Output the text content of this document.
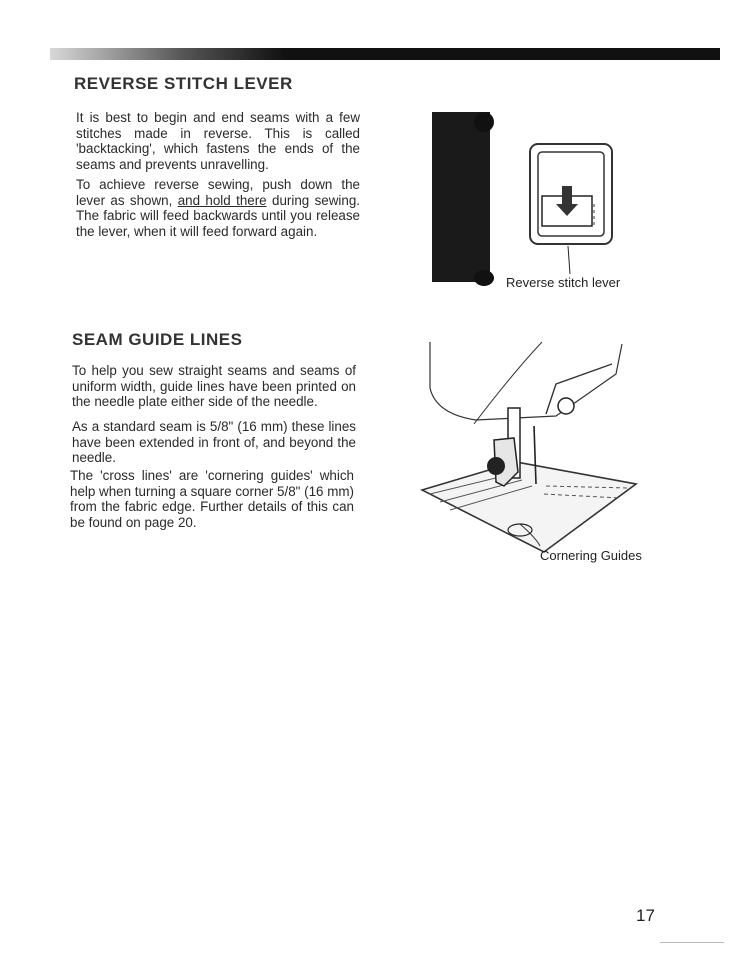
REVERSE STITCH LEVER

It is best to begin and end seams with a few stitches made in reverse. This is called 'backtacking', which fastens the ends of the seams and prevents unravelling.

To achieve reverse sewing, push down the lever as shown, and hold there during sewing. The fabric will feed backwards until you release the lever, when it will feed forward again.

Reverse stitch lever
SEAM GUIDE LINES

To help you sew straight seams and seams of uniform width, guide lines have been printed on the needle plate either side of the needle.

As a standard seam is 5/8" (16 mm) these lines have been extended in front of, and beyond the needle.

The 'cross lines' are 'cornering guides' which help when turning a square corner 5/8" (16 mm) from the fabric edge. Further details of this can be found on page 20.

Cornering Guides
17
